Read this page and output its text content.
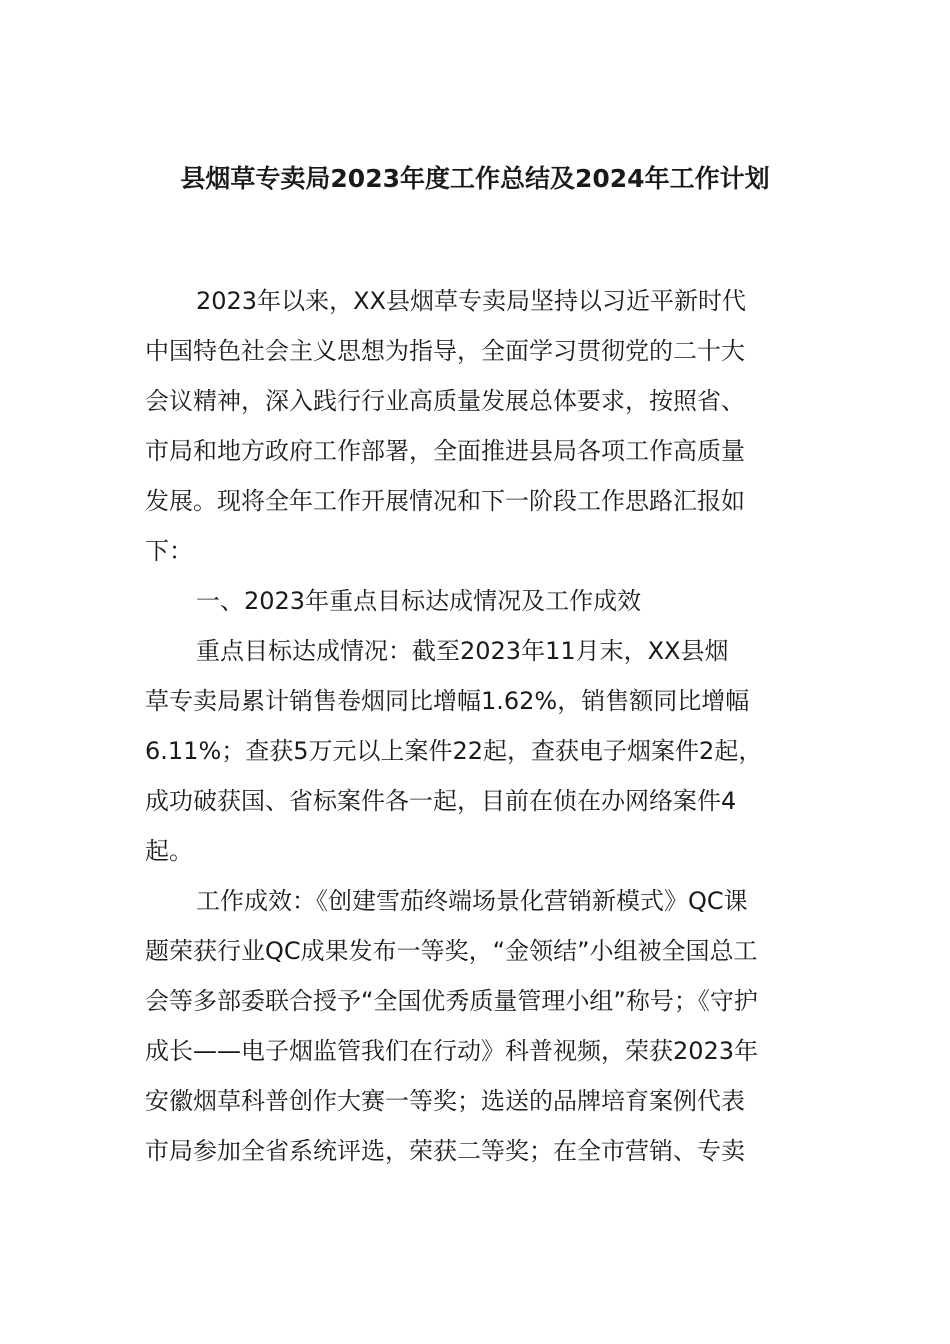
县烟草专卖局2023年度工作总结及2024年工作计划
2023年以来，XX县烟草专卖局坚持以习近平新时代
中国特色社会主义思想为指导，全面学习贯彻党的二十大
会议精神，深入践行行业高质量发展总体要求，按照省、
市局和地方政府工作部署，全面推进县局各项工作高质量
发展。现将全年工作开展情况和下一阶段工作思路汇报如
下：
一、2023年重点目标达成情况及工作成效
重点目标达成情况：截至2023年11月末，XX县烟
草专卖局累计销售卷烟同比增幅1.62%，销售额同比增幅
6.11%；查获5万元以上案件22起，查获电子烟案件2起，
成功破获国、省标案件各一起，目前在侦在办网络案件4
起。
工作成效：《创建雪茄终端场景化营销新模式》QC课
题荣获行业QC成果发布一等奖，“金领结”小组被全国总工
会等多部委联合授予“全国优秀质量管理小组”称号；《守护
成长——电子烟监管我们在行动》科普视频，荣获2023年
安徽烟草科普创作大赛一等奖；选送的品牌培育案例代表
市局参加全省系统评选，荣获二等奖；在全市营销、专卖
